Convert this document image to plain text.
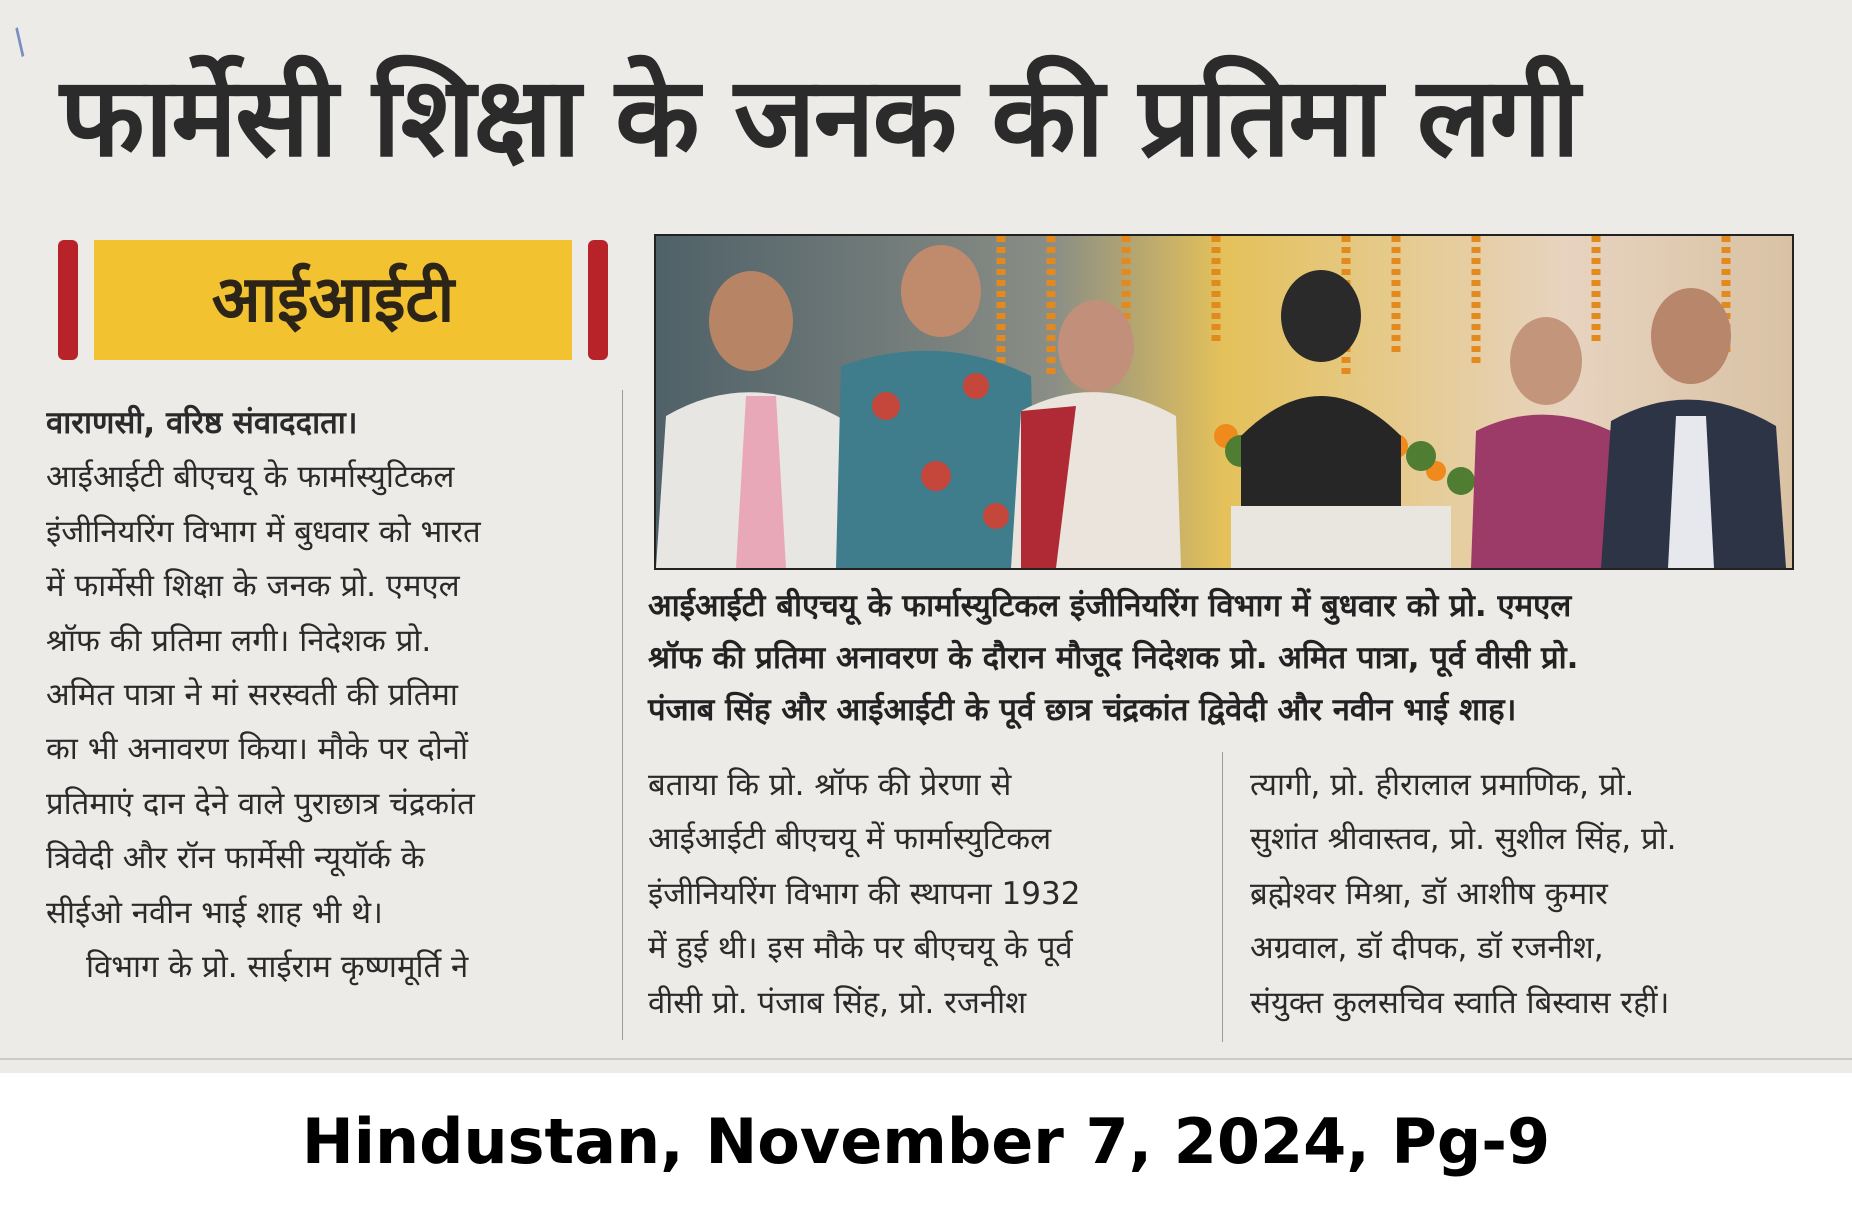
/
फार्मेसी शिक्षा के जनक की प्रतिमा लगी
आईआईटी
आईआईटी बीएचयू के फार्मास्युटिकल इंजीनियरिंग विभाग में बुधवार को प्रो. एमएल
श्रॉफ की प्रतिमा अनावरण के दौरान मौजूद निदेशक प्रो. अमित पात्रा, पूर्व वीसी प्रो.
पंजाब सिंह और आईआईटी के पूर्व छात्र चंद्रकांत द्विवेदी और नवीन भाई शाह।
वाराणसी, वरिष्ठ संवाददाता।
आईआईटी बीएचयू के फार्मास्युटिकल
इंजीनियरिंग विभाग में बुधवार को भारत
में फार्मेसी शिक्षा के जनक प्रो. एमएल
श्रॉफ की प्रतिमा लगी। निदेशक प्रो.
अमित पात्रा ने मां सरस्वती की प्रतिमा
का भी अनावरण किया। मौके पर दोनों
प्रतिमाएं दान देने वाले पुराछात्र चंद्रकांत
त्रिवेदी और रॉन फार्मेसी न्यूयॉर्क के
सीईओ नवीन भाई शाह भी थे।
विभाग के प्रो. साईराम कृष्णमूर्ति ने
बताया कि प्रो. श्रॉफ की प्रेरणा से
आईआईटी बीएचयू में फार्मास्युटिकल
इंजीनियरिंग विभाग की स्थापना 1932
में हुई थी। इस मौके पर बीएचयू के पूर्व
वीसी प्रो. पंजाब सिंह, प्रो. रजनीश
त्यागी, प्रो. हीरालाल प्रमाणिक, प्रो.
सुशांत श्रीवास्तव, प्रो. सुशील सिंह, प्रो.
ब्रह्मेश्वर मिश्रा, डॉ आशीष कुमार
अग्रवाल, डॉ दीपक, डॉ रजनीश,
संयुक्त कुलसचिव स्वाति बिस्वास रहीं।

Hindustan, November 7, 2024, Pg-9
